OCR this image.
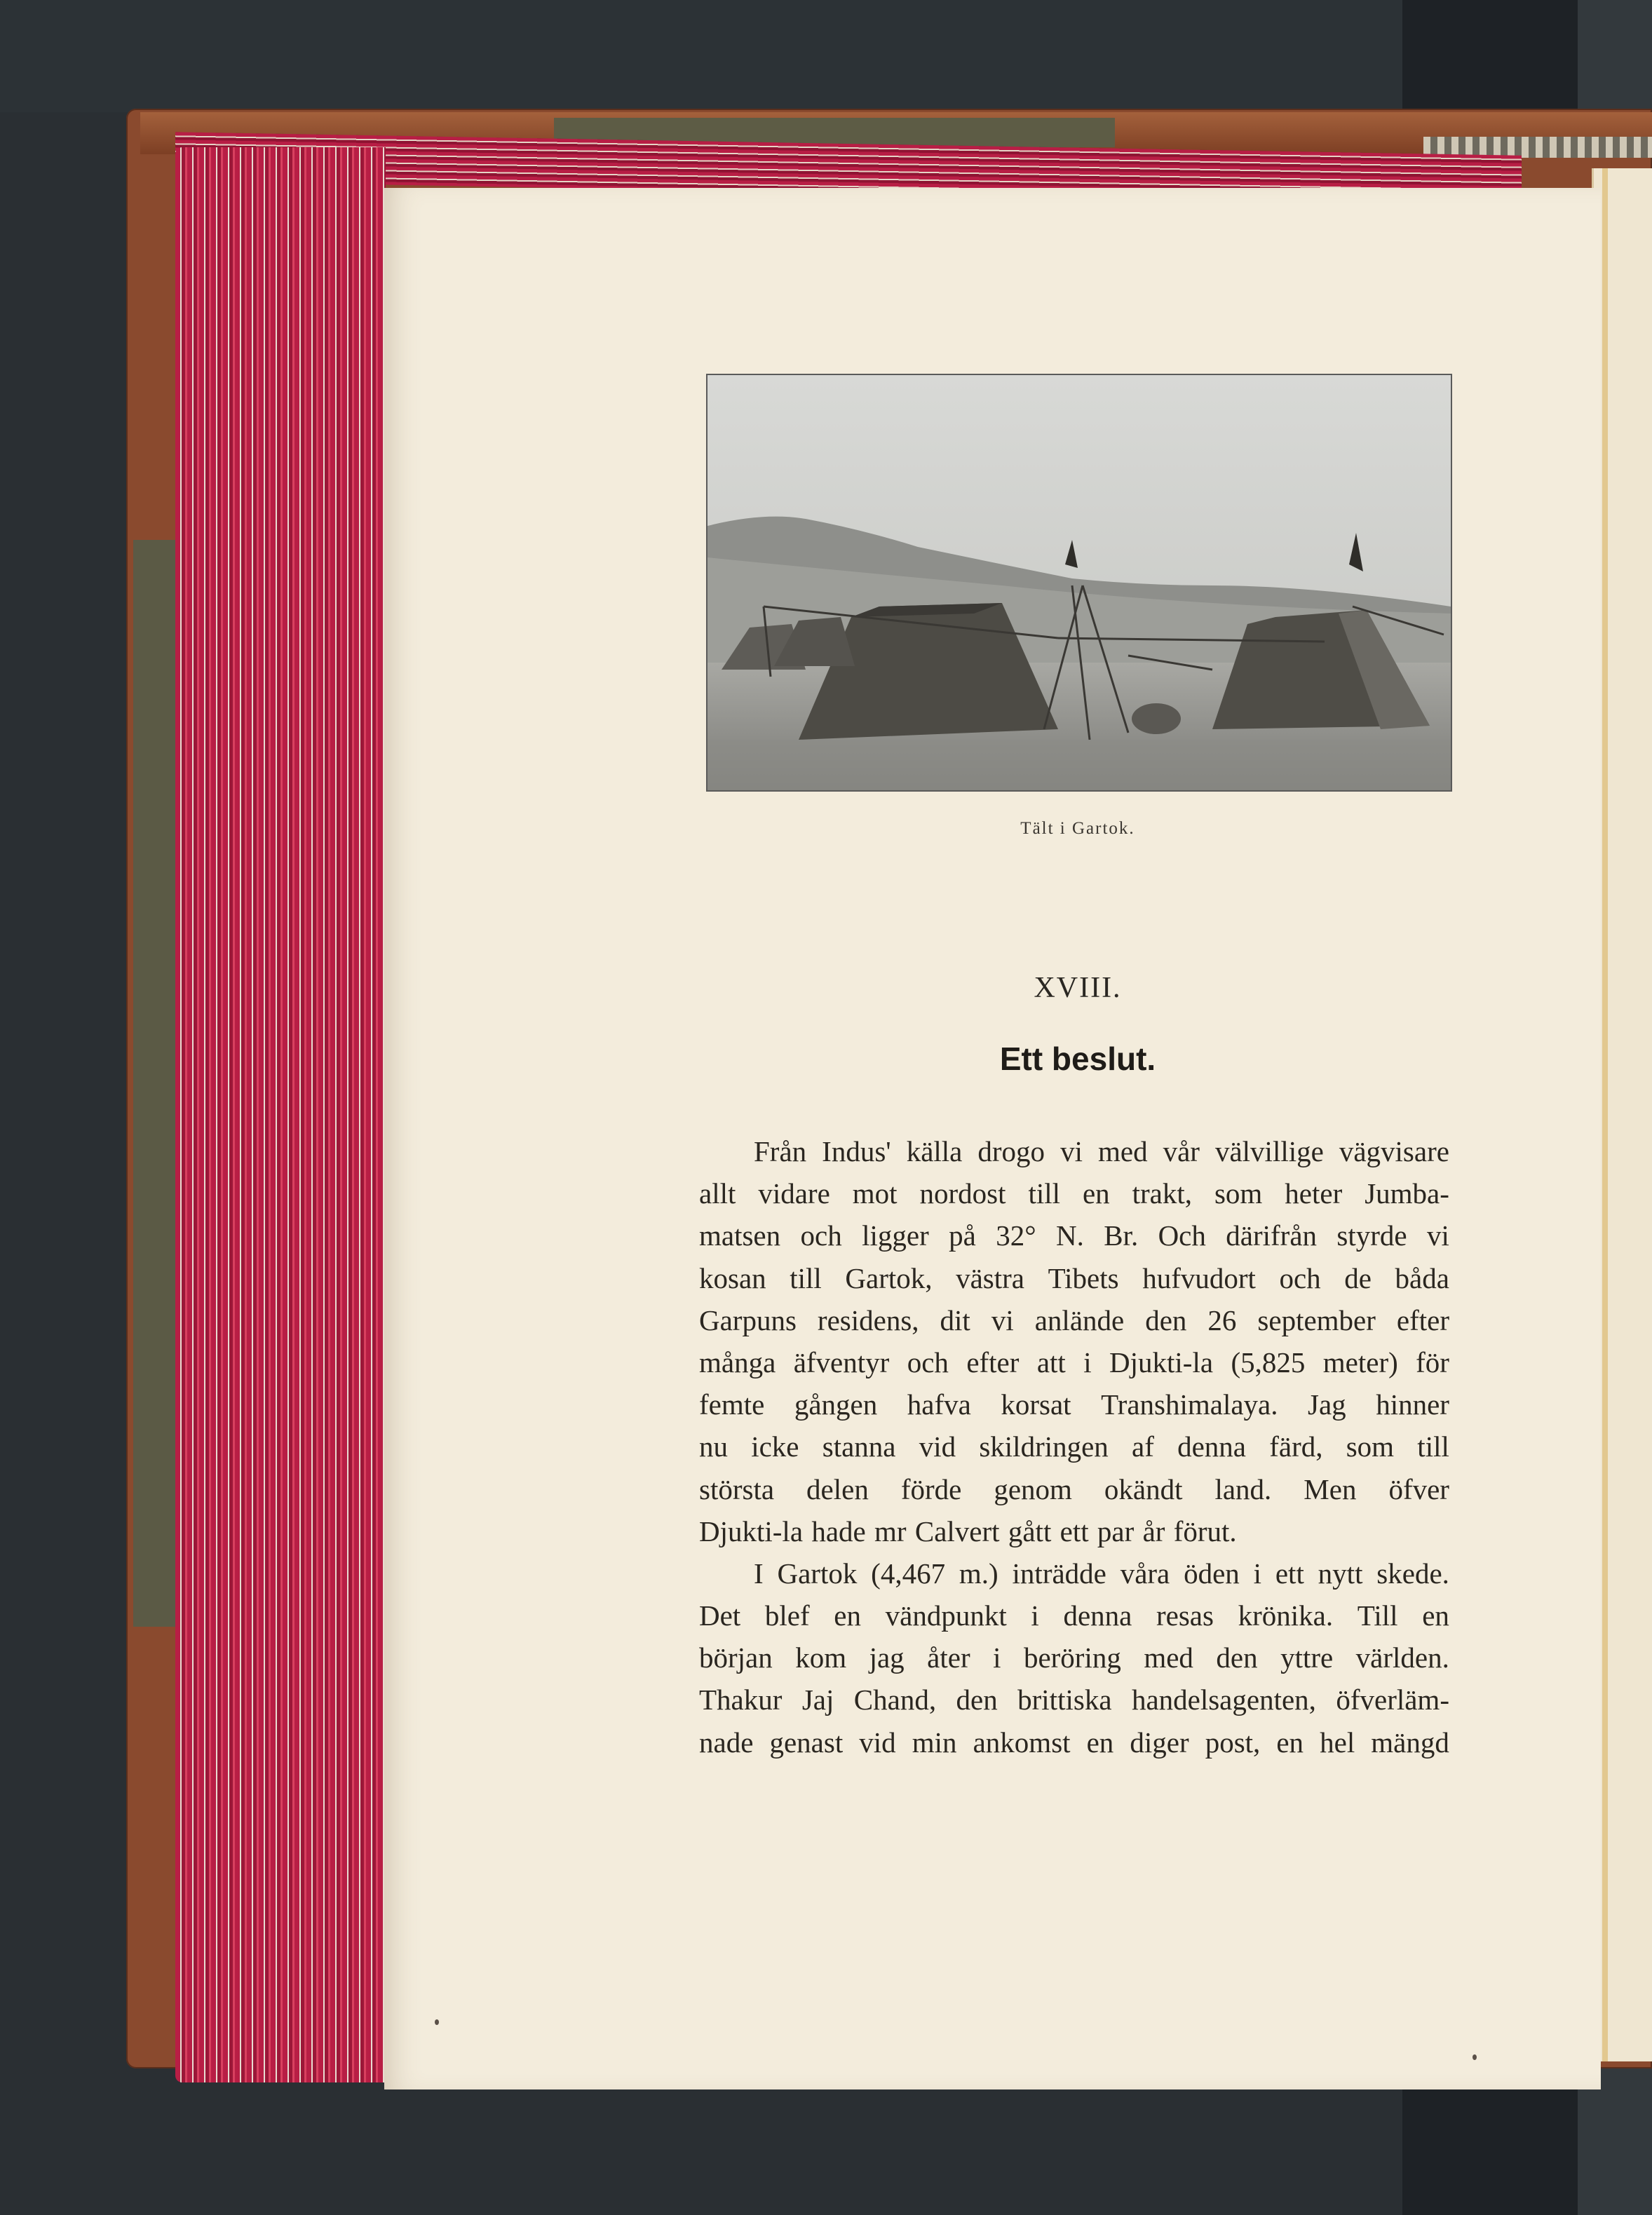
Tält i Gartok.
XVIII.
Ett beslut.
Från Indus' källa drogo vi med vår välvillige vägvisare
allt vidare mot nordost till en trakt, som heter Jumba-
matsen och ligger på 32° N. Br. Och därifrån styrde vi
kosan till Gartok, västra Tibets hufvudort och de båda
Garpuns residens, dit vi anlände den 26 september efter
många äfventyr och efter att i Djukti-la (5,825 meter) för
femte gången hafva korsat Transhimalaya. Jag hinner
nu icke stanna vid skildringen af denna färd, som till
största delen förde genom okändt land. Men öfver
Djukti-la hade mr Calvert gått ett par år förut.
I Gartok (4,467 m.) inträdde våra öden i ett nytt skede.
Det blef en vändpunkt i denna resas krönika. Till en
början kom jag åter i beröring med den yttre världen.
Thakur Jaj Chand, den brittiska handelsagenten, öfverläm-
nade genast vid min ankomst en diger post, en hel mängd
